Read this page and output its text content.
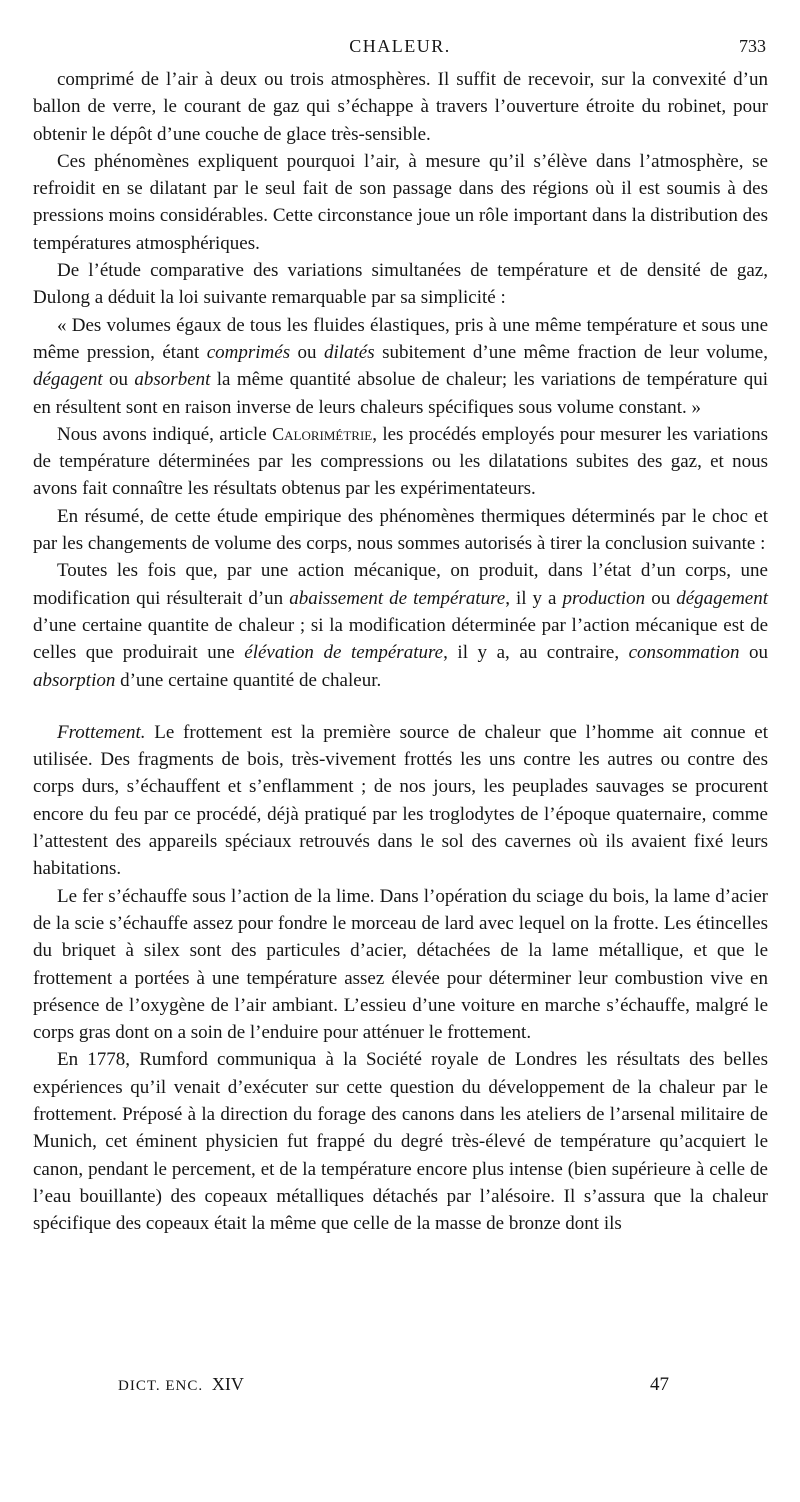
CHALEUR.	733

comprimé de l’air à deux ou trois atmosphères. Il suffit de recevoir, sur la convexité d’un ballon de verre, le courant de gaz qui s’échappe à travers l’ouverture étroite du robinet, pour obtenir le dépôt d’une couche de glace très-sensible.

Ces phénomènes expliquent pourquoi l’air, à mesure qu’il s’élève dans l’atmosphère, se refroidit en se dilatant par le seul fait de son passage dans des régions où il est soumis à des pressions moins considérables. Cette circonstance joue un rôle important dans la distribution des températures atmosphériques.

De l’étude comparative des variations simultanées de température et de densité de gaz, Dulong a déduit la loi suivante remarquable par sa simplicité :

« Des volumes égaux de tous les fluides élastiques, pris à une même température et sous une même pression, étant comprimés ou dilatés subitement d’une même fraction de leur volume, dégagent ou absorbent la même quantité absolue de chaleur; les variations de température qui en résultent sont en raison inverse de leurs chaleurs spécifiques sous volume constant. »

Nous avons indiqué, article Calorimétrie, les procédés employés pour mesurer les variations de température déterminées par les compressions ou les dilatations subites des gaz, et nous avons fait connaître les résultats obtenus par les expérimentateurs.

En résumé, de cette étude empirique des phénomènes thermiques déterminés par le choc et par les changements de volume des corps, nous sommes autorisés à tirer la conclusion suivante :

Toutes les fois que, par une action mécanique, on produit, dans l’état d’un corps, une modification qui résulterait d’un abaissement de température, il y a production ou dégagement d’une certaine quantite de chaleur ; si la modification déterminée par l’action mécanique est de celles que produirait une élévation de température, il y a, au contraire, consommation ou absorption d’une certaine quantité de chaleur.

Frottement. Le frottement est la première source de chaleur que l’homme ait connue et utilisée. Des fragments de bois, très-vivement frottés les uns contre les autres ou contre des corps durs, s’échauffent et s’enflamment ; de nos jours, les peuplades sauvages se procurent encore du feu par ce procédé, déjà pratiqué par les troglodytes de l’époque quaternaire, comme l’attestent des appareils spéciaux retrouvés dans le sol des cavernes où ils avaient fixé leurs habitations.

Le fer s’échauffe sous l’action de la lime. Dans l’opération du sciage du bois, la lame d’acier de la scie s’échauffe assez pour fondre le morceau de lard avec lequel on la frotte. Les étincelles du briquet à silex sont des particules d’acier, détachées de la lame métallique, et que le frottement a portées à une température assez élevée pour déterminer leur combustion vive en présence de l’oxygène de l’air ambiant. L’essieu d’une voiture en marche s’échauffe, malgré le corps gras dont on a soin de l’enduire pour atténuer le frottement.

En 1778, Rumford communiqua à la Société royale de Londres les résultats des belles expériences qu’il venait d’exécuter sur cette question du développement de la chaleur par le frottement. Préposé à la direction du forage des canons dans les ateliers de l’arsenal militaire de Munich, cet éminent physicien fut frappé du degré très-élevé de température qu’acquiert le canon, pendant le percement, et de la température encore plus intense (bien supérieure à celle de l’eau bouillante) des copeaux métalliques détachés par l’alésoire. Il s’assura que la chaleur spécifique des copeaux était la même que celle de la masse de bronze dont ils

DICT. ENC. XIV	47
